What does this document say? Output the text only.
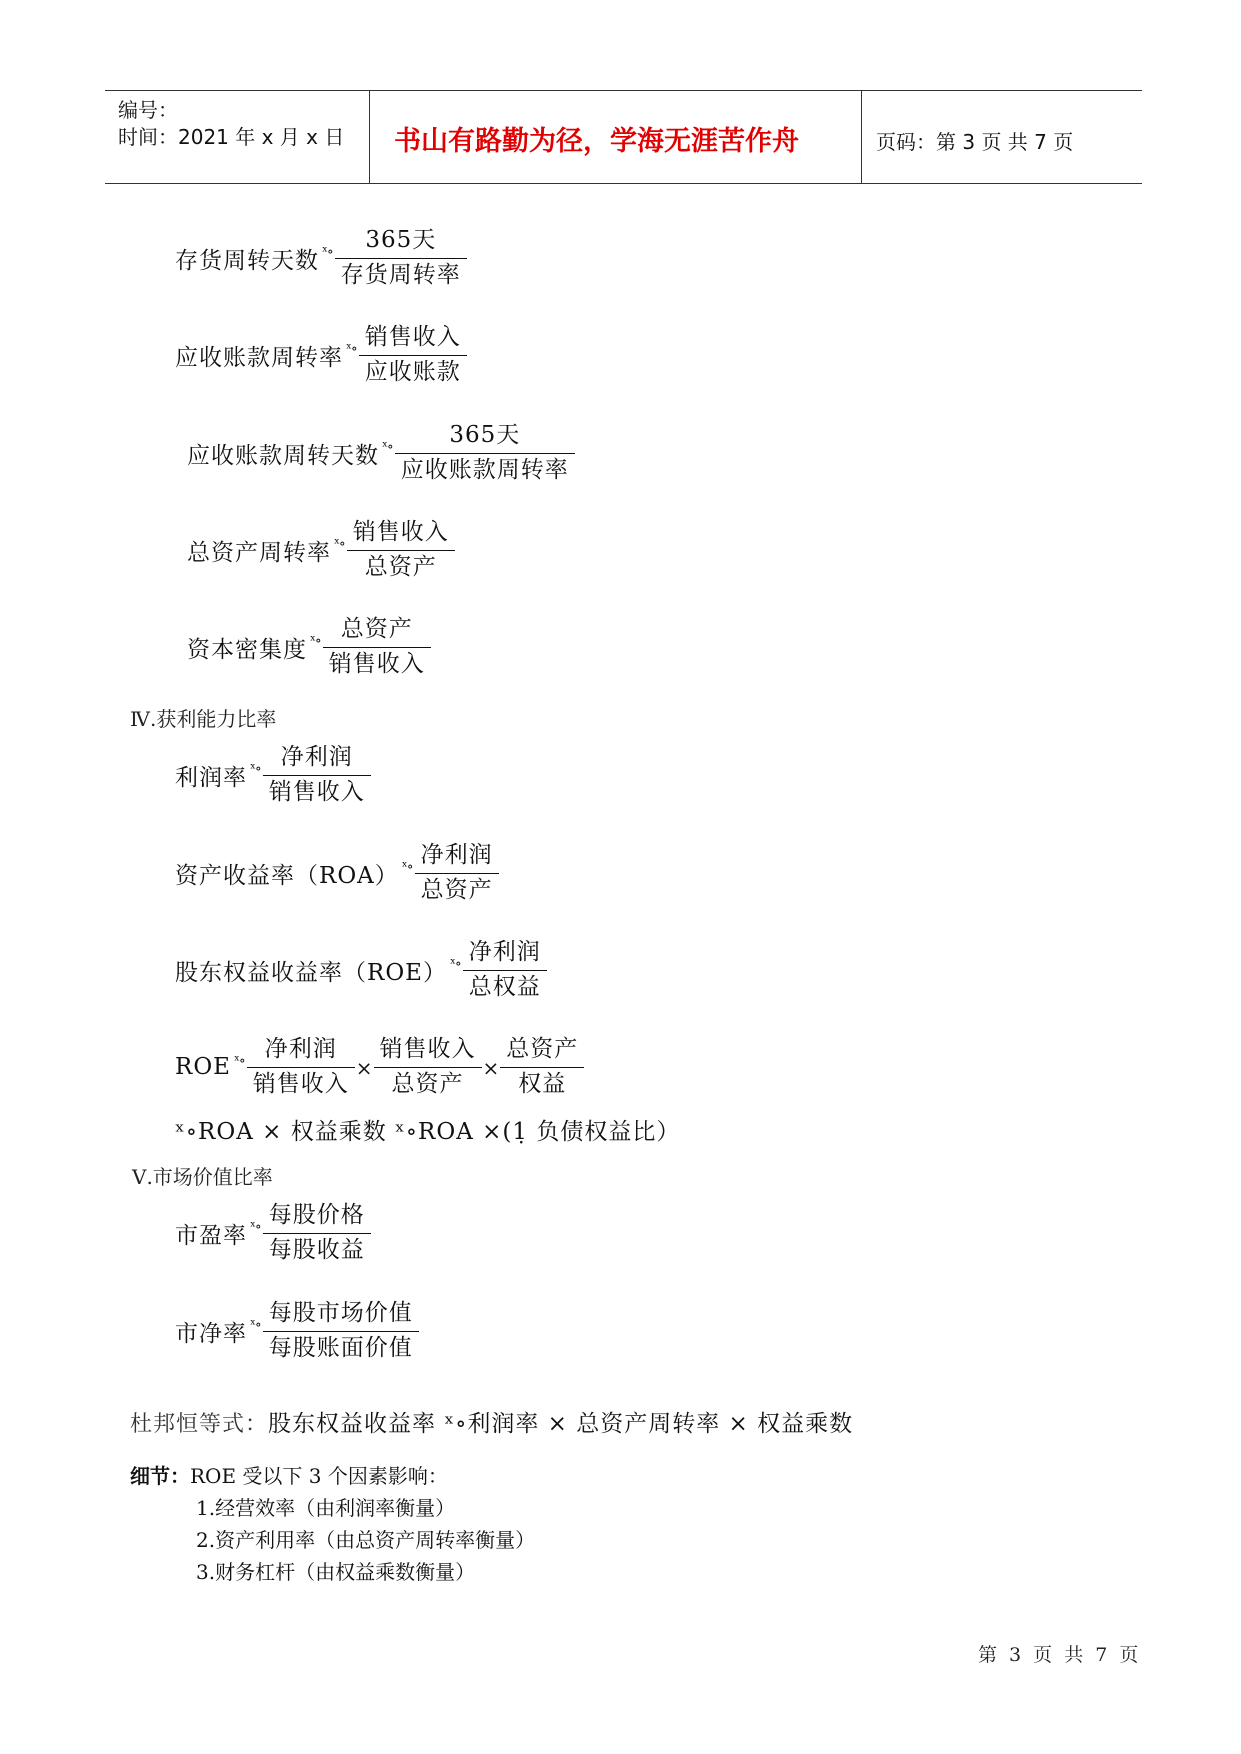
编号：
时间：2021 年 x 月 x 日 书山有路勤为径，学海无涯苦作舟	页码：第 3 页 共 7 页
存货周转天数 ˣ∘ $\frac{\text{365天}}{\text{存货周转率}}$
应收账款周转率 ˣ∘ $\frac{\text{销售收入}}{\text{应收账款}}$
应收账款周转天数 ˣ∘ $\frac{\text{365天}}{\text{应收账款周转率}}$
总资产周转率 ˣ∘ $\frac{\text{销售收入}}{\text{总资产}}$
资本密集度 ˣ∘ $\frac{\text{总资产}}{\text{销售收入}}$
Ⅳ.获利能力比率
利润率 ˣ∘ $\frac{\text{净利润}}{\text{销售收入}}$
资产收益率（ROA） ˣ∘ $\frac{\text{净利润}}{\text{总资产}}$
股东权益收益率（ROE） ˣ∘ $\frac{\text{净利润}}{\text{总权益}}$
ROE ˣ∘ $\frac{\text{净利润}}{\text{销售收入}} \times \frac{\text{销售收入}}{\text{总资产}} \times \frac{\text{总资产}}{\text{权益}}$
ˣ∘ROA × 权益乘数 ˣ∘ROA ×(1̣ 负债权益比）
Ⅴ.市场价值比率
市盈率 ˣ∘ $\frac{\text{每股价格}}{\text{每股收益}}$
市净率 ˣ∘ $\frac{\text{每股市场价值}}{\text{每股账面价值}}$
杜邦恒等式：股东权益收益率 ˣ∘利润率 × 总资产周转率 × 权益乘数
细节：ROE 受以下 3 个因素影响：
1.经营效率（由利润率衡量）
2.资产利用率（由总资产周转率衡量）
3.财务杠杆（由权益乘数衡量）
第 3 页 共 7 页
